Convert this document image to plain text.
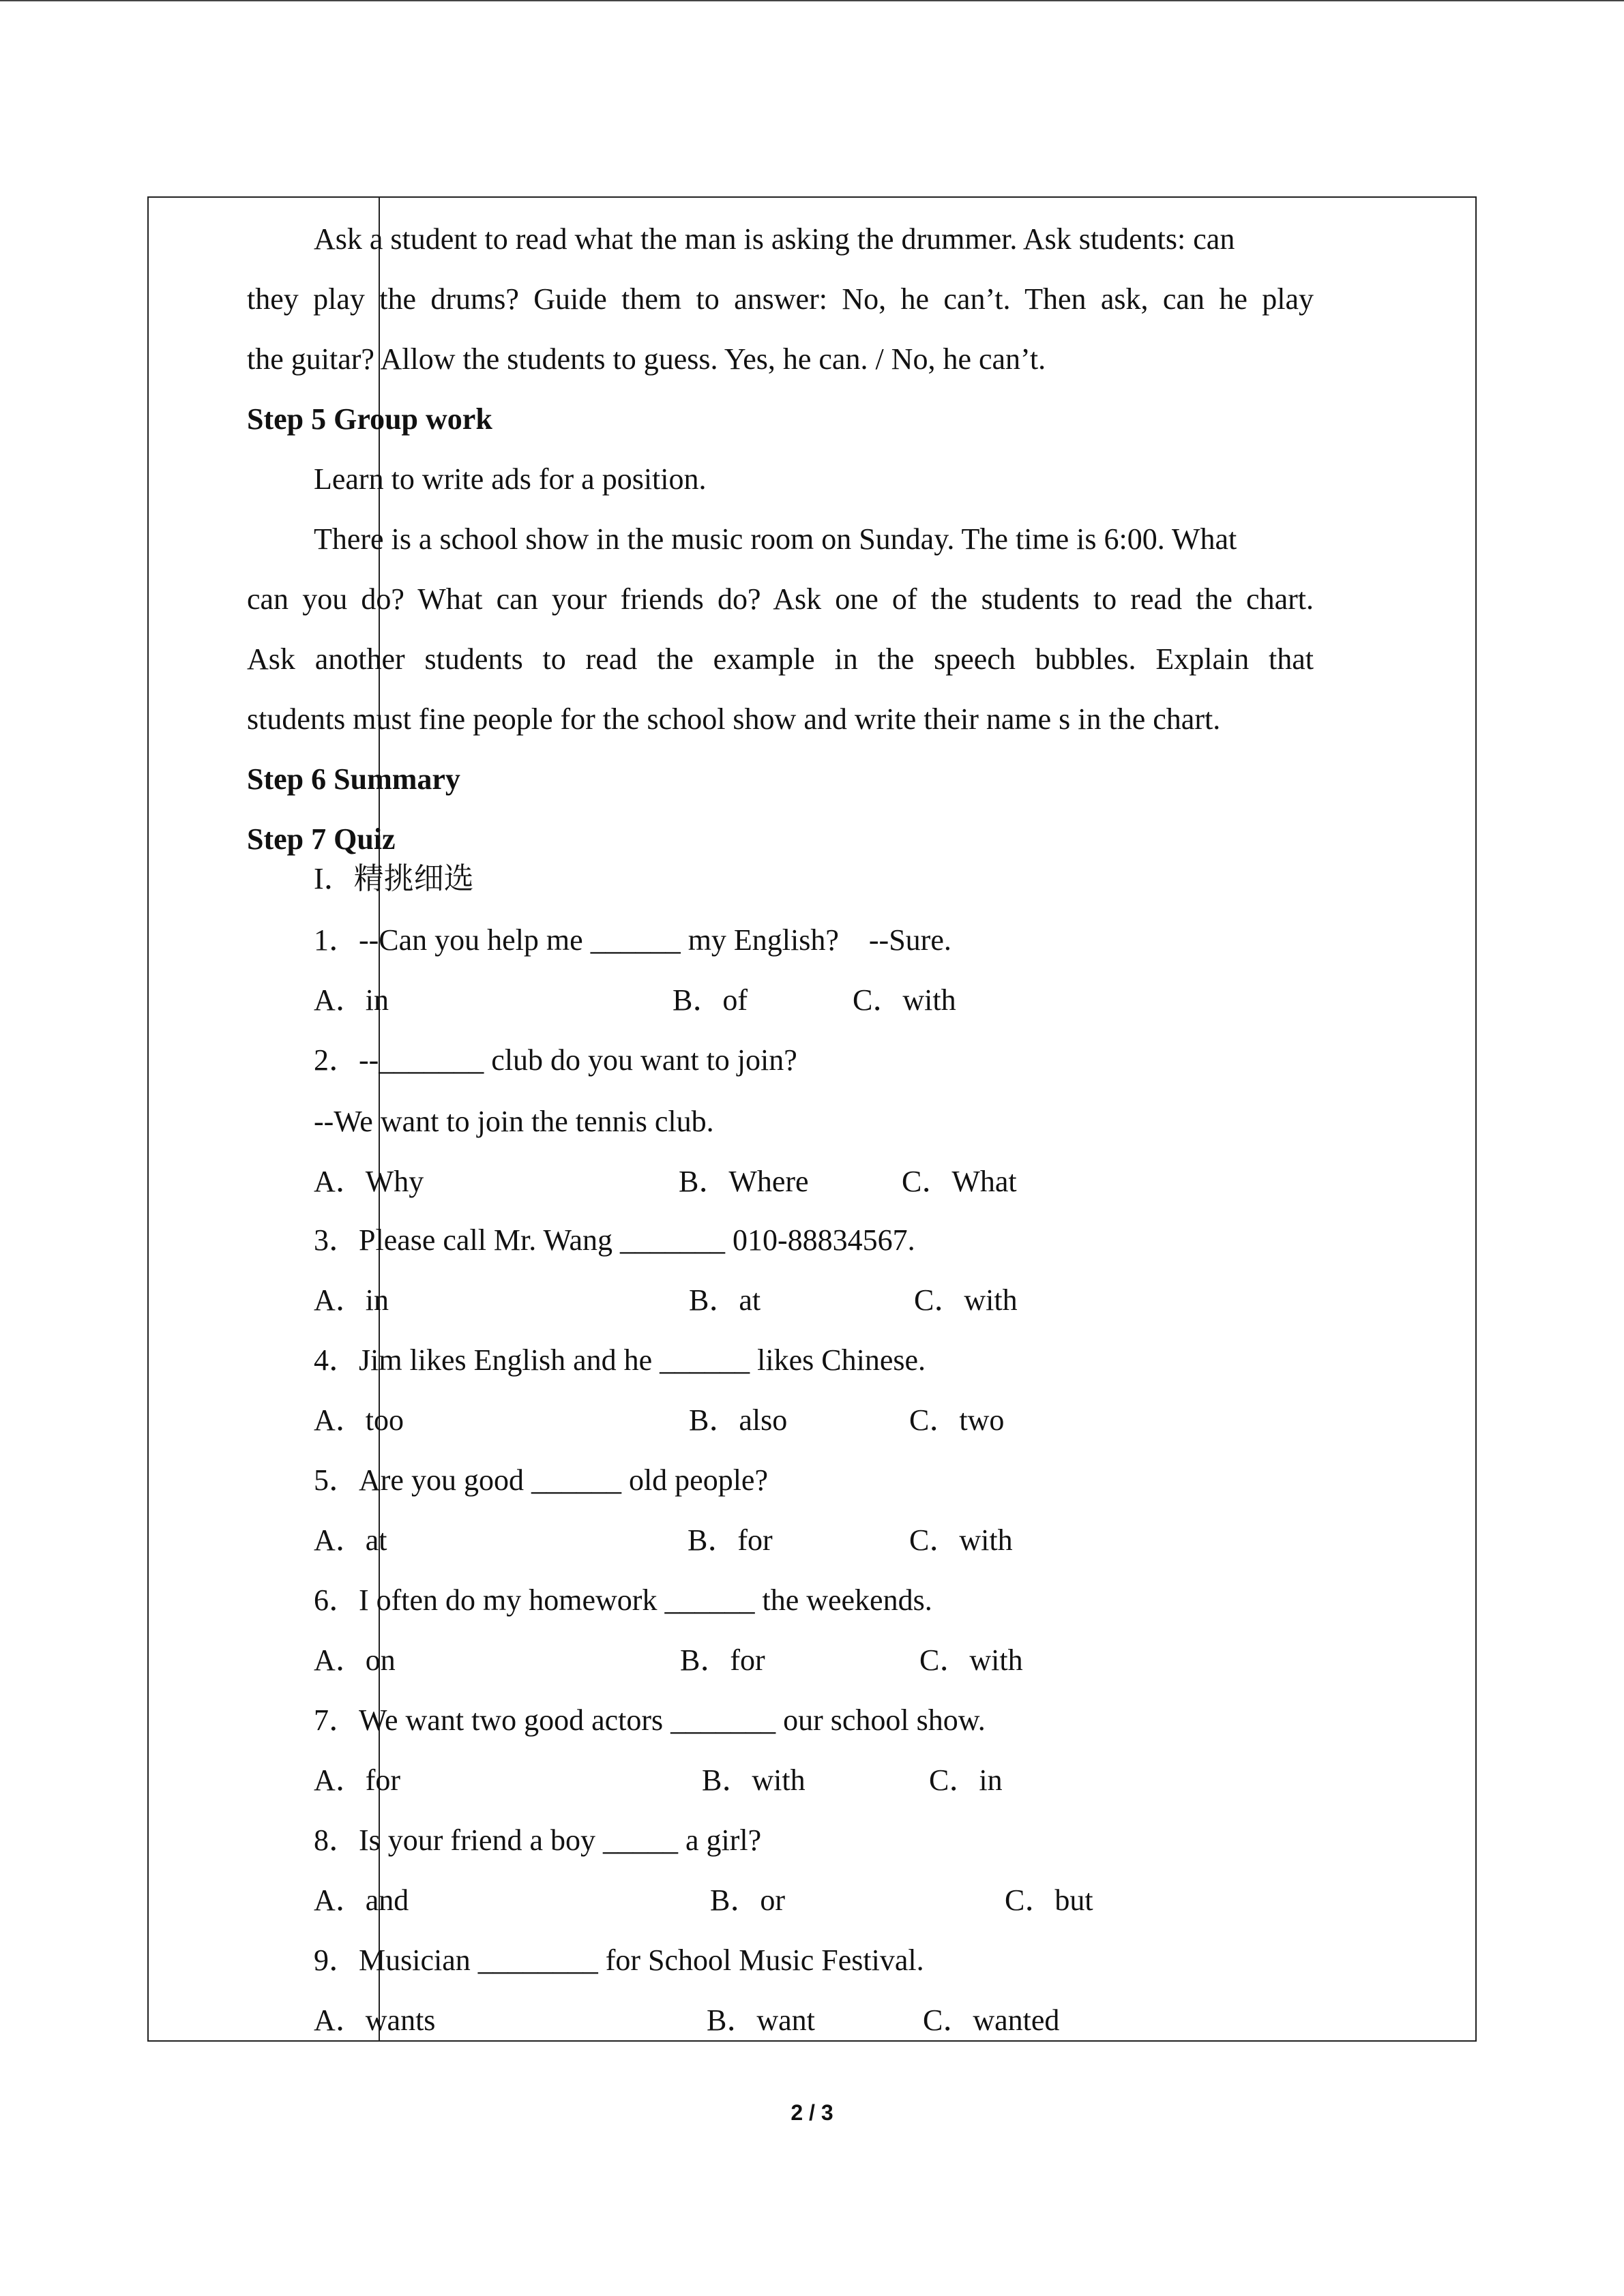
Ask a student to read what the man is asking the drummer. Ask students: can
they play the drums? Guide them to answer: No, he can’t. Then ask, can he play
the guitar? Allow the students to guess. Yes, he can. / No, he can’t.
Step 5 Group work
Learn to write ads for a position.
There is a school show in the music room on Sunday. The time is 6:00. What
can you do? What can your friends do? Ask one of the students to read the chart.
Ask another students to read the example in the speech bubbles. Explain that
students must fine people for the school show and write their name s in the chart.
Step 6 Summary
Step 7 Quiz
I．精挑细选
1．--Can you help me ______ my English?　--Sure.
A．in	B．of	C．with
2．--_______ club do you want to join?
--We want to join the tennis club.
A．Why	B．Where	C．What
3．Please call Mr. Wang _______ 010-88834567.
A．in	B．at	C．with
4．Jim likes English and he ______ likes Chinese.
A．too	B．also	C．two
5．Are you good ______ old people?
A．at	B．for	C．with
6．I often do my homework ______ the weekends.
A．on	B．for	C．with
7．We want two good actors _______ our school show.
A．for	B．with	C．in
8．Is your friend a boy _____ a girl?
A．and	B．or	C．but
9．Musician ________ for School Music Festival.
A．wants	B．want	C．wanted
2 / 3
